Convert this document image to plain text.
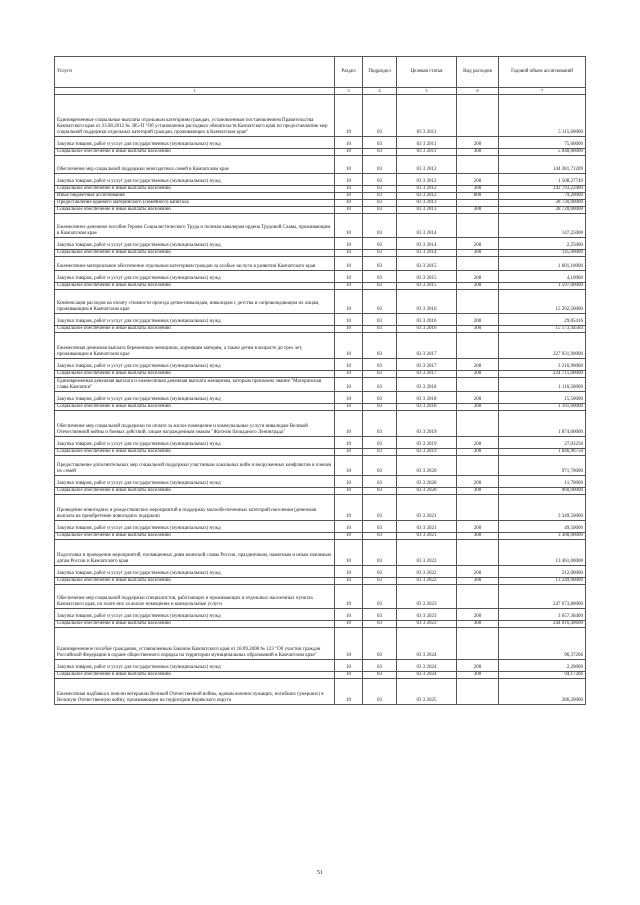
Услуги	Раздел	Подраздел	Целевая статья	Вид расходов	Годовой объем ассигнований
1	3	4	5	6	7
Единовременные социальные выплаты отдельным категориям граждан, установленным постановлением Правительства Камчатского края от 23.08.2012 № 385-П "Об установлении расходных обязательств Камчатского края по предоставлению мер социальной поддержки отдельных категорий граждан, проживающих в Камчатском крае"	10	03	03 3 2011		5 115,60000
Закупка товаров, работ и услуг для государственных (муниципальных) нужд	10	03	03 3 2011	200	75,60000
Социальное обеспечение и иные выплаты населению	10	03	03 3 2011	300	5 040,00000
Обеспечение мер социальной поддержки многодетных семей в Камчатском крае	10	03	03 3 2012		144 381,71209
Закупка товаров, работ и услуг для государственных (муниципальных) нужд	10	03	03 3 2012	200	1 508,27749
Социальное обеспечение и иные выплаты населению	10	03	03 3 2012	300	142 793,23460
Иные бюджетные ассигнования	10	03	03 3 2012	800	79,20000
Предоставление краевого материнского (семейного) капитала	10	03	03 3 2013		28 720,00000
Социальное обеспечение и иные выплаты населению	10	03	03 3 2013	300	28 720,00000
Ежемесячное денежное пособие Героям Социалистического Труда и полным кавалерам ордена Трудовой Славы, проживающим в Камчатском крае	10	03	03 3 2014		147,25000
Закупка товаров, работ и услуг для государственных (муниципальных) нужд	10	03	03 3 2014	200	2,25000
Социальное обеспечение и иные выплаты населению	10	03	03 3 2014	300	145,00000
Ежемесячное материальное обеспечение отдельным категориям граждан за особые заслуги в развитии Камчатского края	10	03	03 3 2015		1 601,10000
Закупка товаров, работ и услуг для государственных (муниципальных) нужд	10	03	03 3 2015	200	4,10000
Социальное обеспечение и иные выплаты населению	10	03	03 3 2015	300	1 597,00000
Компенсация расходов на оплату стоимости проезда детям-инвалидам, инвалидам с детства и сопровождающим их лицам, проживающим в Камчатском крае	10	03	03 3 2016		15 202,50000
Закупка товаров, работ и услуг для государственных (муниципальных) нужд	10	03	03 3 2016	200	29,05416
Социальное обеспечение и иные выплаты населению	10	03	03 3 2016	300	15 173,44584
Ежемесячная денежная выплата беременным женщинам, кормящим матерям, а также детям в возрасте до трех лет, проживающим в Камчатском крае	10	03	03 3 2017		227 931,90000
Закупка товаров, работ и услуг для государственных (муниципальных) нужд	10	03	03 3 2017	200	3 216,90000
Социальное обеспечение и иные выплаты населению	10	03	03 3 2017	300	224 715,00000
Единовременная денежная выплата и ежемесячная денежная выплата женщинам, которым присвоено звание "Материнская слава Камчатки"	10	03	03 3 2018		1 116,50000
Закупка товаров, работ и услуг для государственных (муниципальных) нужд	10	03	03 3 2018	200	15,50000
Социальное обеспечение и иные выплаты населению	10	03	03 3 2018	300	1 101,00000
Обеспечение мер социальной поддержки по оплате за жилое помещение и коммунальные услуги инвалидам Великой Отечественной войны и боевых действий, лицам награжденным знаком "Жителю блокадного Ленинграда"	10	03	03 3 2019		1 874,00000
Закупка товаров, работ и услуг для государственных (муниципальных) нужд	10	03	03 3 2019	200	27,03250
Социальное обеспечение и иные выплаты населению	10	03	03 3 2019	300	1 846,96750
Предоставление дополнительных мер социальной поддержки участникам локальных войн и вооруженных конфликтов и членам их семей	10	03	03 3 2020		971,70000
Закупка товаров, работ и услуг для государственных (муниципальных) нужд	10	03	03 3 2020	200	11,70000
Социальное обеспечение и иные выплаты населению	10	03	03 3 2020	300	960,00000
Проведение новогодних и рождественских мероприятий в поддержку малообеспеченных категорий населения (денежная выплата на приобретение новогодних подарков)	10	03	03 3 2021		3 349,50000
Закупка товаров, работ и услуг для государственных (муниципальных) нужд	10	03	03 3 2021	200	49,50000
Социальное обеспечение и иные выплаты населению	10	03	03 3 2021	300	3 300,00000
Подготовка и проведение мероприятий, посвященных дням воинской славы России, праздничным, памятным и иным значимым датам России и Камчатского края	10	03	03 3 2022		13 461,00000
Закупка товаров, работ и услуг для государственных (муниципальных) нужд	10	03	03 3 2022	200	212,00000
Социальное обеспечение и иные выплаты населению	10	03	03 3 2022	300	13 249,00000
Обеспечение мер социальной поддержки специалистов, работающих и проживающих в отдельных населенных пунктах Камчатского края, по плате них за жилое помещение и коммунальные услуги	10	03	03 3 2023		247 673,80000
Закупка товаров, работ и услуг для государственных (муниципальных) нужд	10	03	03 3 2023	200	3 657,30400
Социальное обеспечение и иные выплаты населению	10	03	03 3 2023	300	244 016,49600
Единовременное пособие гражданам, установленным Законом Камчатского края от 18.09.2008 № 123 "Об участии граждан Российской Федерации в охране общественного порядка на территории муниципальных образований в Камчатском крае"	10	03	03 3 2024		96,37266
Закупка товаров, работ и услуг для государственных (муниципальных) нужд	10	03	03 3 2024	200	2,20000
Социальное обеспечение и иные выплаты населению	10	03	03 3 2024	300	94,17266
Ежемесячная надбавка к пенсии ветеранам Великой Отечественной войны, вдовам военнослужащих, погибших (умерших) в Великую Отечественную войну, проживающим на территории Корякского округа	10	03	03 3 2025		286,20000
51
